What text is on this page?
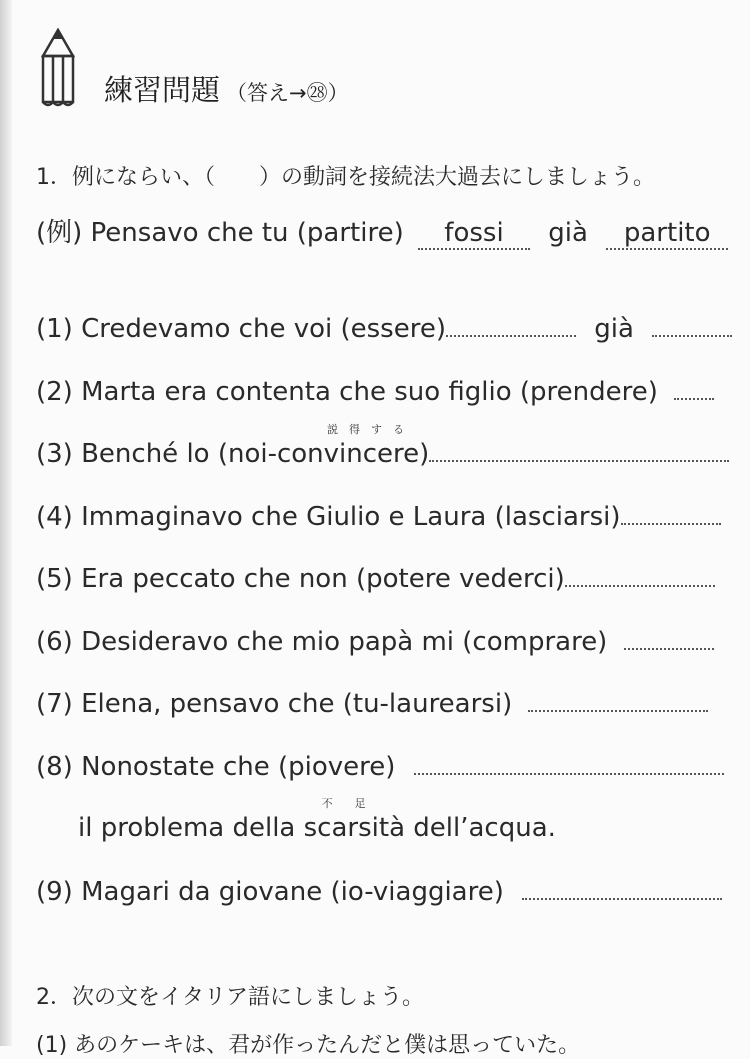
練習問題 （答え→㉘）
1．例にならい、（　　）の動詞を接続法大過去にしましょう。
(例) Pensavo che tu (partire) fossi già partito
(1) Credevamo che voi (essere)	già
(2) Marta era contenta che suo figlio (prendere)
(3) Benché lo (noi-
説　得　す　る
convincere)
(4) Immaginavo che Giulio e Laura (lasciarsi)
(5) Era peccato che non (potere vederci)
(6) Desideravo che mio papà mi (comprare)
(7) Elena, pensavo che (tu-laurearsi)
(8) Nonostate che (piovere)
il problema della
不　　足
scarsità dell’acqua.
(9) Magari da giovane (io-viaggiare)
2．次の文をイタリア語にしましょう。
(1) あのケーキは、君が作ったんだと僕は思っていた。
